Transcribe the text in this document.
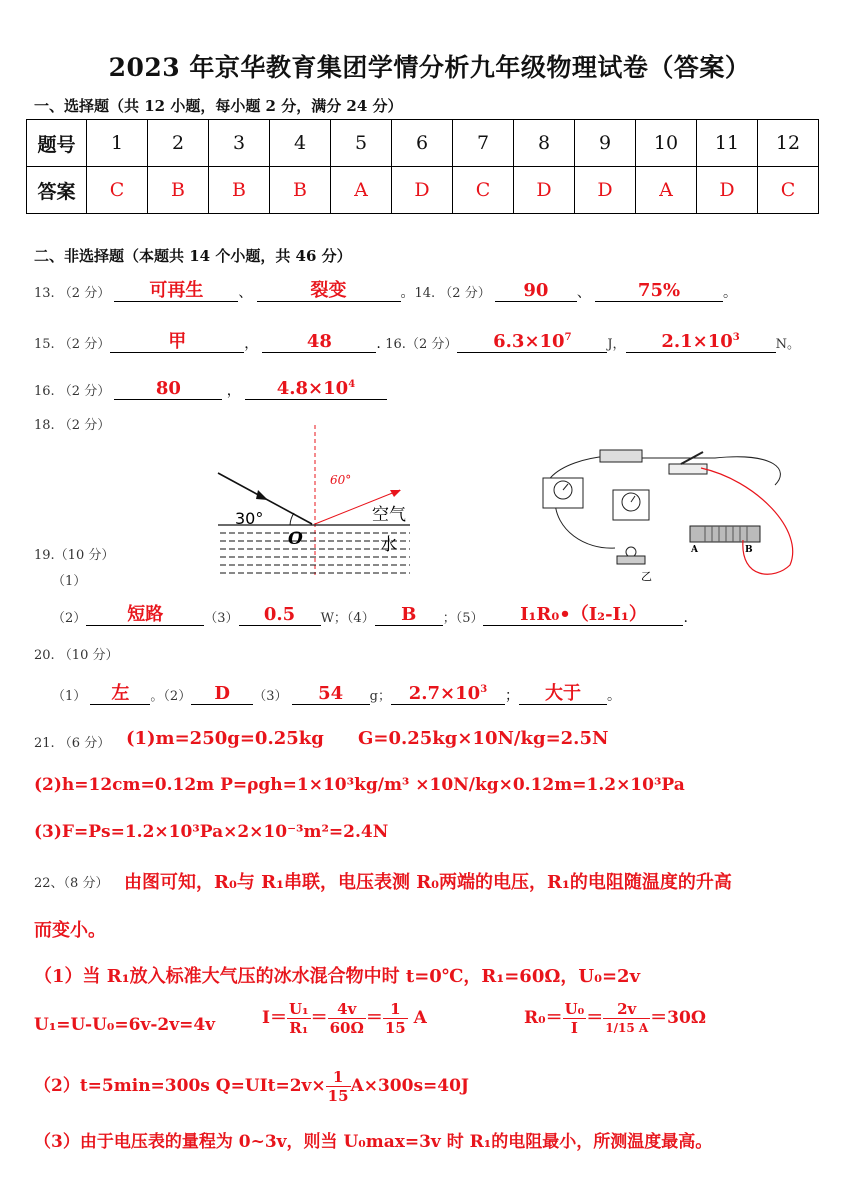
2023 年京华教育集团学情分析九年级物理试卷（答案）
一、选择题（共 12 小题，每小题 2 分，满分 24 分）
题号	1	2	3	4	5	6	7	8	9	10	11	12
答案	C	B	B	B	A	D	C	D	D	A	D	C
二、非选择题（本题共 14 个小题，共 46 分）
13. （2 分） 可再生	、	裂变	。14. （2 分） 90 、	75%	。
15. （2 分）	甲	，	48	. 16.（2 分） $6.3\times 10^7$	J， $2.1\times 10^3$	N。
16. （2 分）	80	， $4.8\times 10^4$
18. （2 分）
30°
60°
O
空气
水	A	B
乙
19.（10 分）
（1）
（2） 短路	（3） 0.5 W；（4） B ；（5） I₁R₀•（I₂-I₁）	.
20. （10 分）
（1） 左 。（2） D （3） 54 g； $2.7\times 10^3$ ； 大于 。
21. （6 分） (1)m=250g=0.25kg G=0.25kg×10N/kg=2.5N
(2)h=12cm=0.12m P=ρgh=1×10³kg/m³ ×10N/kg×0.12m=1.2×10³Pa
(3)F=Ps=1.2×10³Pa×2×10⁻³m²=2.4N
22、（8 分） 由图可知，R₀与 R₁串联，电压表测 R₀两端的电压，R₁的电阻随温度的升高
而变小。
（1）当 R₁放入标准大气压的冰水混合物中时 t=0℃，R₁=60Ω，U₀=2v
U₁=U-U₀=6v-2v=4v	$I= \frac{\text{U₁}}{\text{R₁}} = \frac{4v}{60\Omega} = \frac{1}{15}$ A	$R_0= \frac{\text{U₀}}{I} = 2v$
1/15 A ＝30Ω
（2）t=5min=300s $Q=UIt=2v\times \frac{1}{15} A\times 300s=40J$
（3）由于电压表的量程为 0~3v，则当 U₀max=3v 时 R₁的电阻最小，所测温度最高。
